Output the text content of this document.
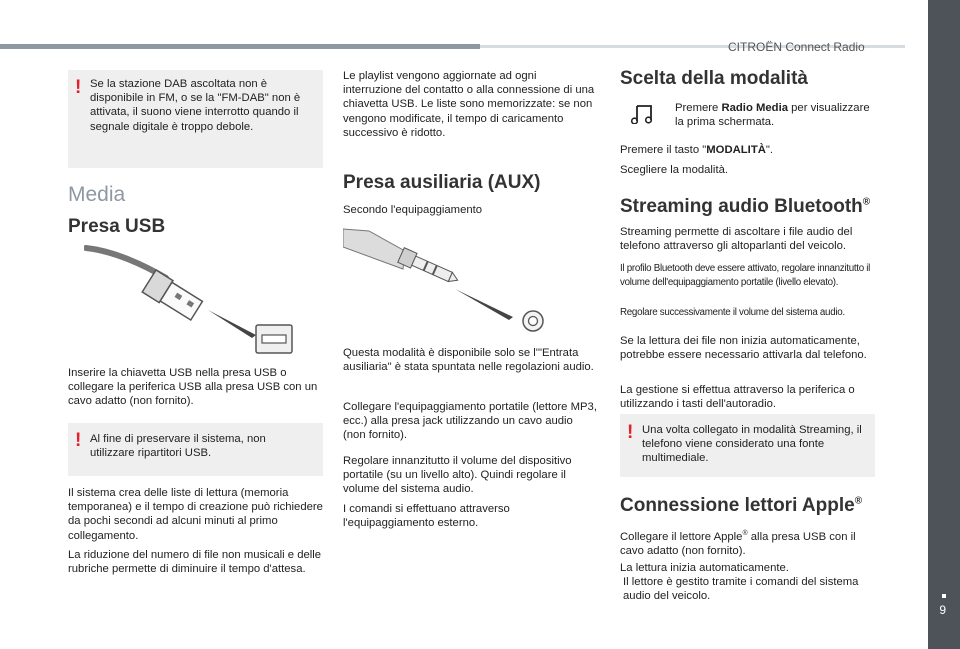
CITROËN Connect Radio
9
! Se la stazione DAB ascoltata non è disponibile in FM, o se la "FM-DAB" non è attivata, il suono viene interrotto quando il segnale digitale è troppo debole.
Media
Presa USB

Inserire la chiavetta USB nella presa USB o collegare la periferica USB alla presa USB con un cavo adatto (non fornito).

! Al fine di preservare il sistema, non utilizzare ripartitori USB.

Il sistema crea delle liste di lettura (memoria temporanea) e il tempo di creazione può richiedere da pochi secondi ad alcuni minuti al primo collegamento.

La riduzione del numero di file non musicali e delle rubriche permette di diminuire il tempo d'attesa.

Le playlist vengono aggiornate ad ogni interruzione del contatto o alla connessione di una chiavetta USB. Le liste sono memorizzate: se non vengono modificate, il tempo di caricamento successivo è ridotto.

Presa ausiliaria (AUX)

Secondo l'equipaggiamento

Questa modalità è disponibile solo se l'"Entrata ausiliaria" è stata spuntata nelle regolazioni audio.

Collegare l'equipaggiamento portatile (lettore MP3, ecc.) alla presa jack utilizzando un cavo audio (non fornito).

Regolare innanzitutto il volume del dispositivo portatile (su un livello alto). Quindi regolare il volume del sistema audio.

I comandi si effettuano attraverso l'equipaggiamento esterno.

Scelta della modalità

Premere Radio Media per visualizzare la prima schermata.

Premere il tasto "MODALITÀ".

Scegliere la modalità.

Streaming audio Bluetooth®

Streaming permette di ascoltare i file audio del telefono attraverso gli altoparlanti del veicolo.

Il profilo Bluetooth deve essere attivato, regolare innanzitutto il volume dell'equipaggiamento portatile (livello elevato).

Regolare successivamente il volume del sistema audio.

Se la lettura dei file non inizia automaticamente, potrebbe essere necessario attivarla dal telefono.

La gestione si effettua attraverso la periferica o utilizzando i tasti dell'autoradio.

! Una volta collegato in modalità Streaming, il telefono viene considerato una fonte multimediale.
Connessione lettori Apple®

Collegare il lettore Apple® alla presa USB con il cavo adatto (non fornito).

La lettura inizia automaticamente.

Il lettore è gestito tramite i comandi del sistema audio del veicolo.
